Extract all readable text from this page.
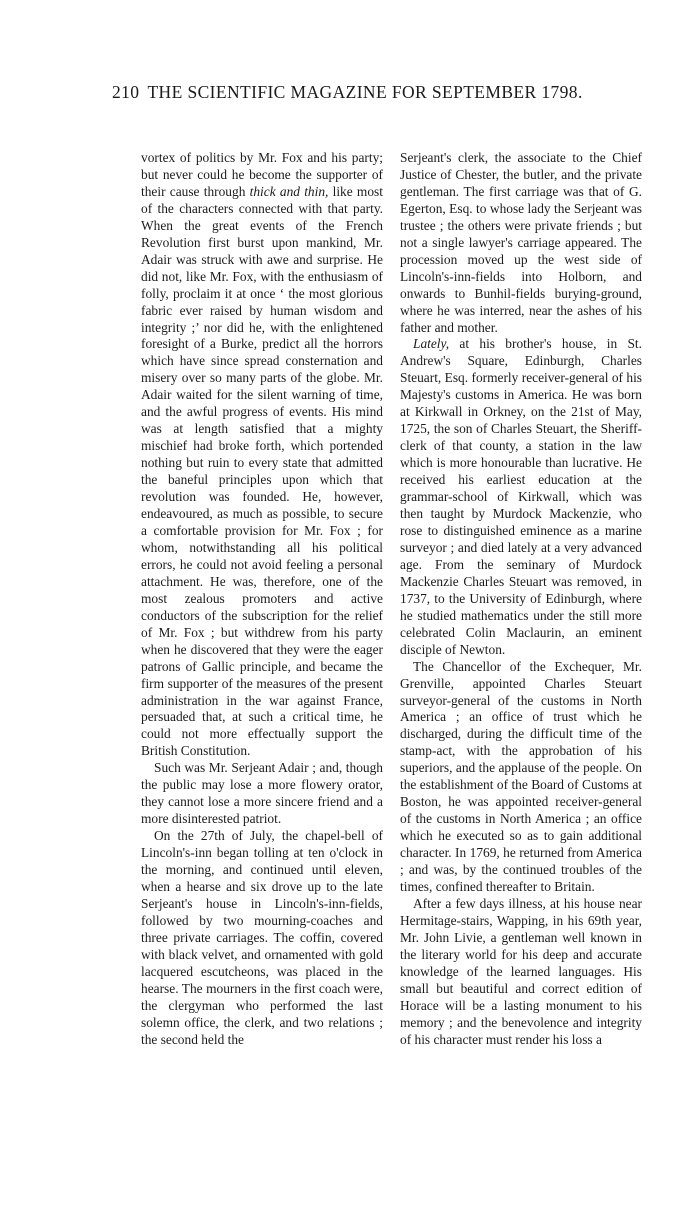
210 THE SCIENTIFIC MAGAZINE FOR SEPTEMBER 1798.

vortex of politics by Mr. Fox and his party; but never could he become the supporter of their cause through thick and thin, like most of the characters connected with that party. When the great events of the French Revolution first burst upon mankind, Mr. Adair was struck with awe and surprise. He did not, like Mr. Fox, with the enthusiasm of folly, proclaim it at once ‘ the most glorious fabric ever raised by human wisdom and integrity ;’ nor did he, with the enlightened foresight of a Burke, predict all the horrors which have since spread consternation and misery over so many parts of the globe. Mr. Adair waited for the silent warning of time, and the awful progress of events. His mind was at length satisfied that a mighty mischief had broke forth, which portended nothing but ruin to every state that admitted the baneful principles upon which that revolution was founded. He, however, endeavoured, as much as possible, to secure a comfortable provision for Mr. Fox ; for whom, notwithstanding all his political errors, he could not avoid feeling a personal attachment. He was, therefore, one of the most zealous promoters and active conductors of the subscription for the relief of Mr. Fox ; but withdrew from his party when he discovered that they were the eager patrons of Gallic principle, and became the firm supporter of the measures of the present administration in the war against France, persuaded that, at such a critical time, he could not more effectually support the British Constitution.

Such was Mr. Serjeant Adair ; and, though the public may lose a more flowery orator, they cannot lose a more sincere friend and a more disinterested patriot.

On the 27th of July, the chapel-bell of Lincoln's-inn began tolling at ten o'clock in the morning, and continued until eleven, when a hearse and six drove up to the late Serjeant's house in Lincoln's-inn-fields, followed by two mourning-coaches and three private carriages. The coffin, covered with black velvet, and ornamented with gold lacquered escutcheons, was placed in the hearse. The mourners in the first coach were, the clergyman who performed the last solemn office, the clerk, and two relations ; the second held the

Serjeant's clerk, the associate to the Chief Justice of Chester, the butler, and the private gentleman. The first carriage was that of G. Egerton, Esq. to whose lady the Serjeant was trustee ; the others were private friends ; but not a single lawyer's carriage appeared. The procession moved up the west side of Lincoln's-inn-fields into Holborn, and onwards to Bunhil-fields burying-ground, where he was interred, near the ashes of his father and mother.

Lately, at his brother's house, in St. Andrew's Square, Edinburgh, Charles Steuart, Esq. formerly receiver-general of his Majesty's customs in America. He was born at Kirkwall in Orkney, on the 21st of May, 1725, the son of Charles Steuart, the Sheriff-clerk of that county, a station in the law which is more honourable than lucrative. He received his earliest education at the grammar-school of Kirkwall, which was then taught by Murdock Mackenzie, who rose to distinguished eminence as a marine surveyor ; and died lately at a very advanced age. From the seminary of Murdock Mackenzie Charles Steuart was removed, in 1737, to the University of Edinburgh, where he studied mathematics under the still more celebrated Colin Maclaurin, an eminent disciple of Newton.

The Chancellor of the Exchequer, Mr. Grenville, appointed Charles Steuart surveyor-general of the customs in North America ; an office of trust which he discharged, during the difficult time of the stamp-act, with the approbation of his superiors, and the applause of the people. On the establishment of the Board of Customs at Boston, he was appointed receiver-general of the customs in North America ; an office which he executed so as to gain additional character. In 1769, he returned from America ; and was, by the continued troubles of the times, confined thereafter to Britain.

After a few days illness, at his house near Hermitage-stairs, Wapping, in his 69th year, Mr. John Livie, a gentleman well known in the literary world for his deep and accurate knowledge of the learned languages. His small but beautiful and correct edition of Horace will be a lasting monument to his memory ; and the benevolence and integrity of his character must render his loss a
